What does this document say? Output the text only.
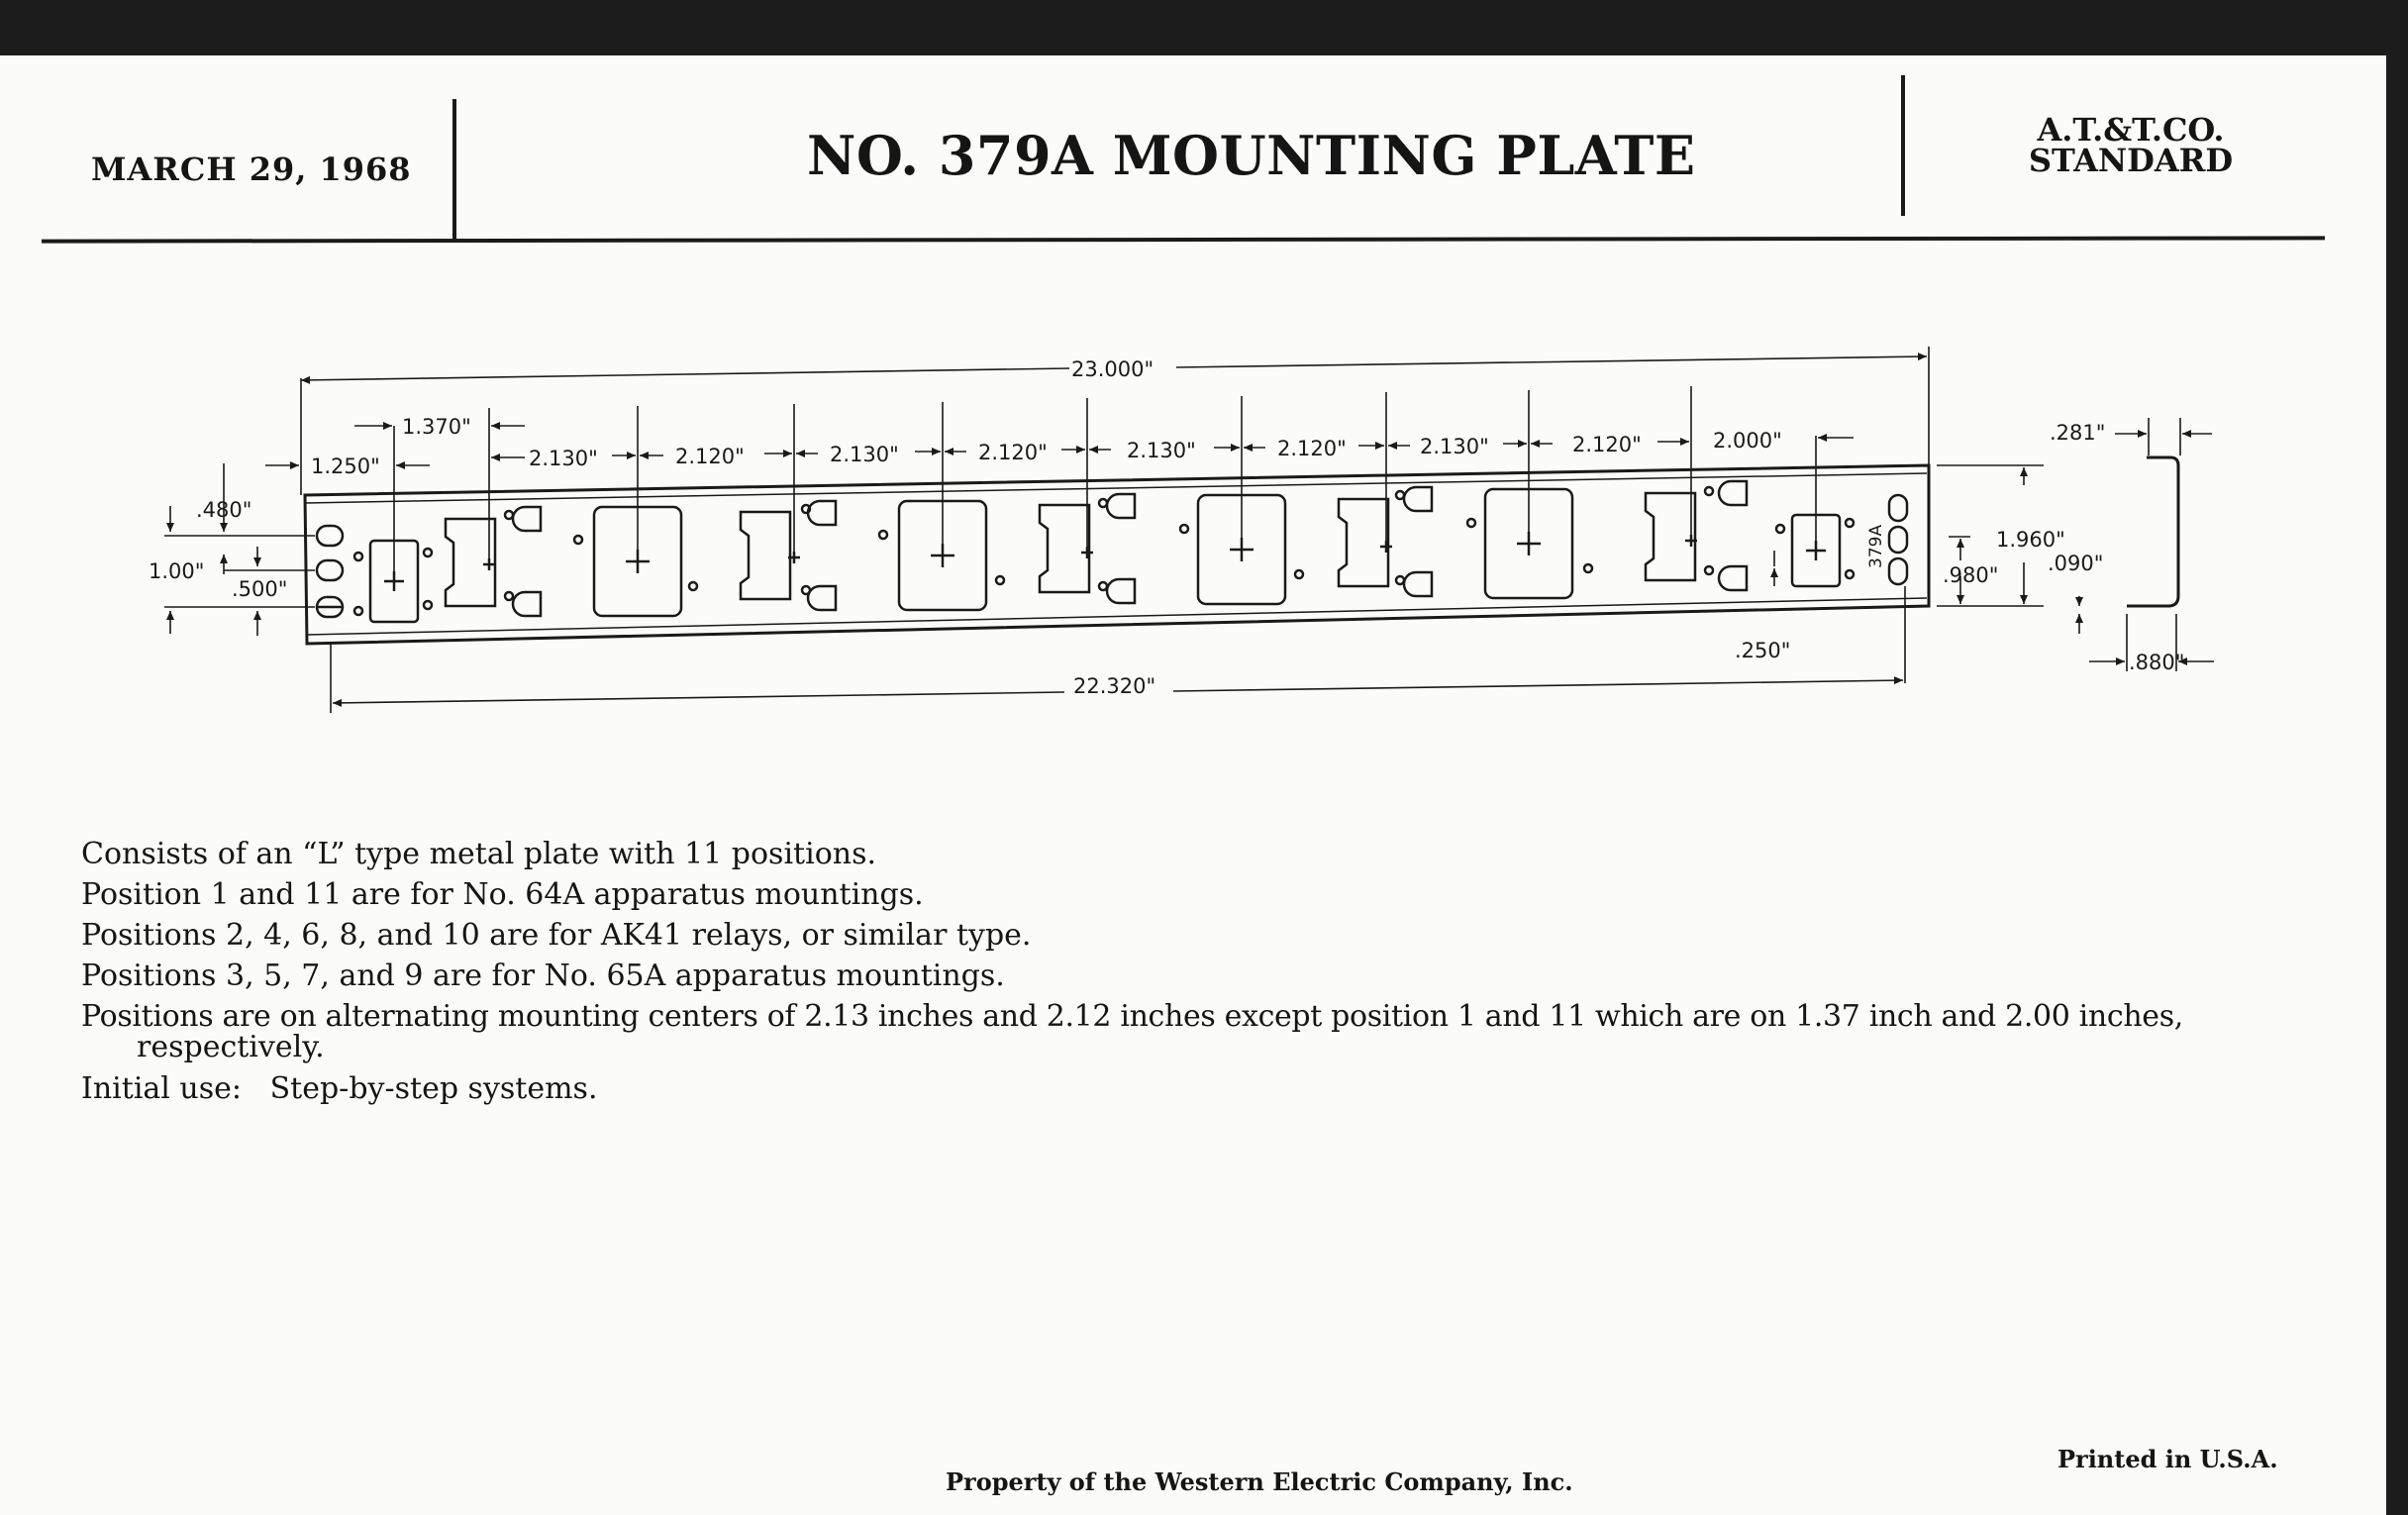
MARCH 29, 1968	NO. 379A MOUNTING PLATE	A.T.&T.CO.
STANDARD
23.000"
22.320"
1.370"
1.250"	2.130"	2.120"	2.130"	2.120"	2.130"	2.120"	2.130"	2.120"	2.000"
.480"
1.00"
.500"
1.960"
.980" .090"
.250"
.281"
.880"
379A
Consists of an “L” type metal plate with 11 positions.
Position 1 and 11 are for No. 64A apparatus mountings.
Positions 2, 4, 6, 8, and 10 are for AK41 relays, or similar type.
Positions 3, 5, 7, and 9 are for No. 65A apparatus mountings.
Positions are on alternating mounting centers of 2.13 inches and 2.12 inches except position 1 and 11 which are on 1.37 inch and 2.00 inches,
respectively.
Initial use:   Step-by-step systems.
Property of the Western Electric Company, Inc.
Printed in U.S.A.
